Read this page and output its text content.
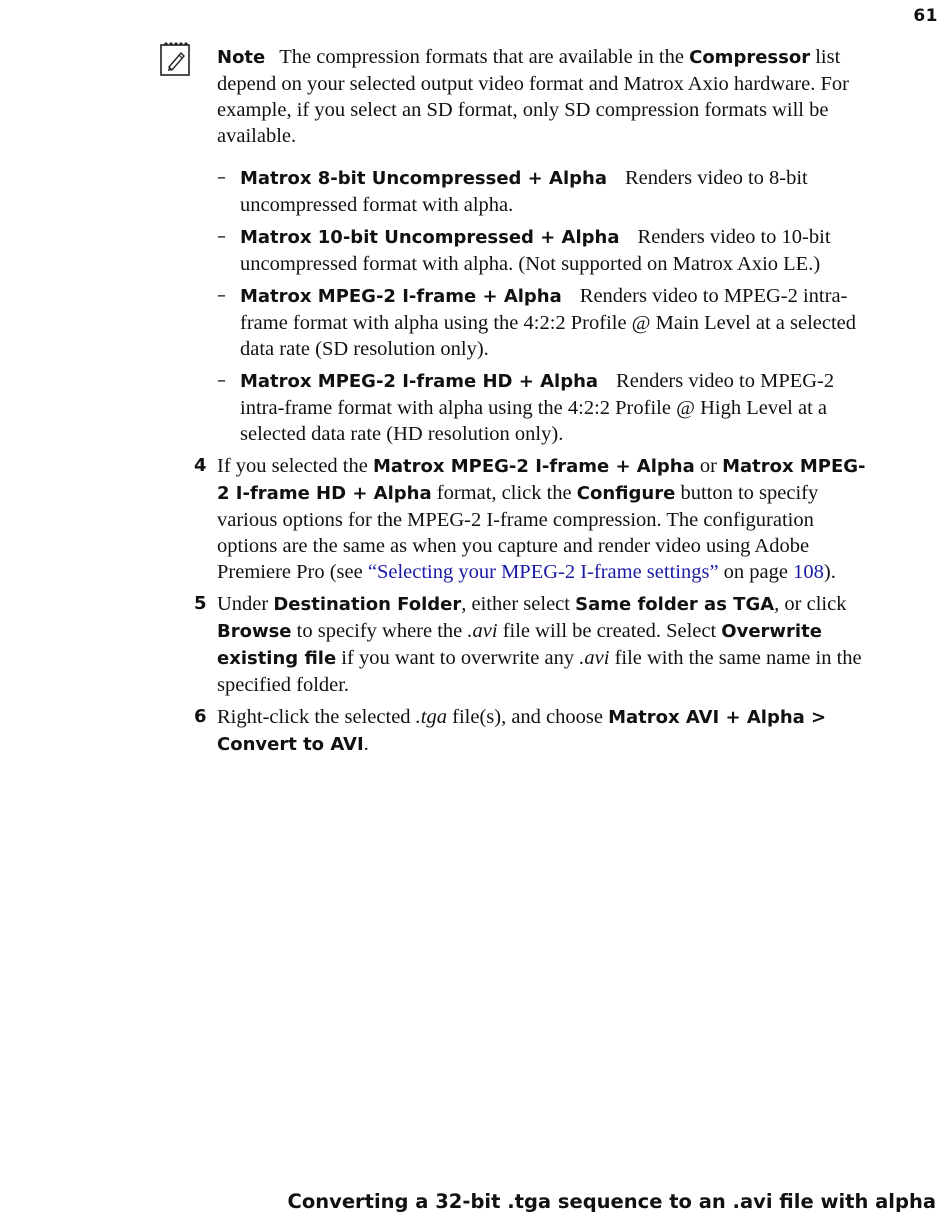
61

Note The compression formats that are available in the Compressor list depend on your selected output video format and Matrox Axio hardware. For example, if you select an SD format, only SD compression formats will be available.

– Matrox 8-bit Uncompressed + Alpha Renders video to 8-bit uncompressed format with alpha.
– Matrox 10-bit Uncompressed + Alpha Renders video to 10-bit uncompressed format with alpha. (Not supported on Matrox Axio LE.)
– Matrox MPEG-2 I-frame + Alpha Renders video to MPEG-2 intra-frame format with alpha using the 4:2:2 Profile @ Main Level at a selected data rate (SD resolution only).
– Matrox MPEG-2 I-frame HD + Alpha Renders video to MPEG-2 intra-frame format with alpha using the 4:2:2 Profile @ High Level at a selected data rate (HD resolution only).
4 If you selected the Matrox MPEG-2 I-frame + Alpha or Matrox MPEG-2 I-frame HD + Alpha format, click the Configure button to specify various options for the MPEG-2 I-frame compression. The configuration options are the same as when you capture and render video using Adobe Premiere Pro (see “Selecting your MPEG-2 I-frame settings” on page 108).
5 Under Destination Folder, either select Same folder as TGA, or click Browse to specify where the .avi file will be created. Select Overwrite existing file if you want to overwrite any .avi file with the same name in the specified folder.
6 Right-click the selected .tga file(s), and choose Matrox AVI + Alpha > Convert to AVI.
Converting a 32-bit .tga sequence to an .avi file with alpha
